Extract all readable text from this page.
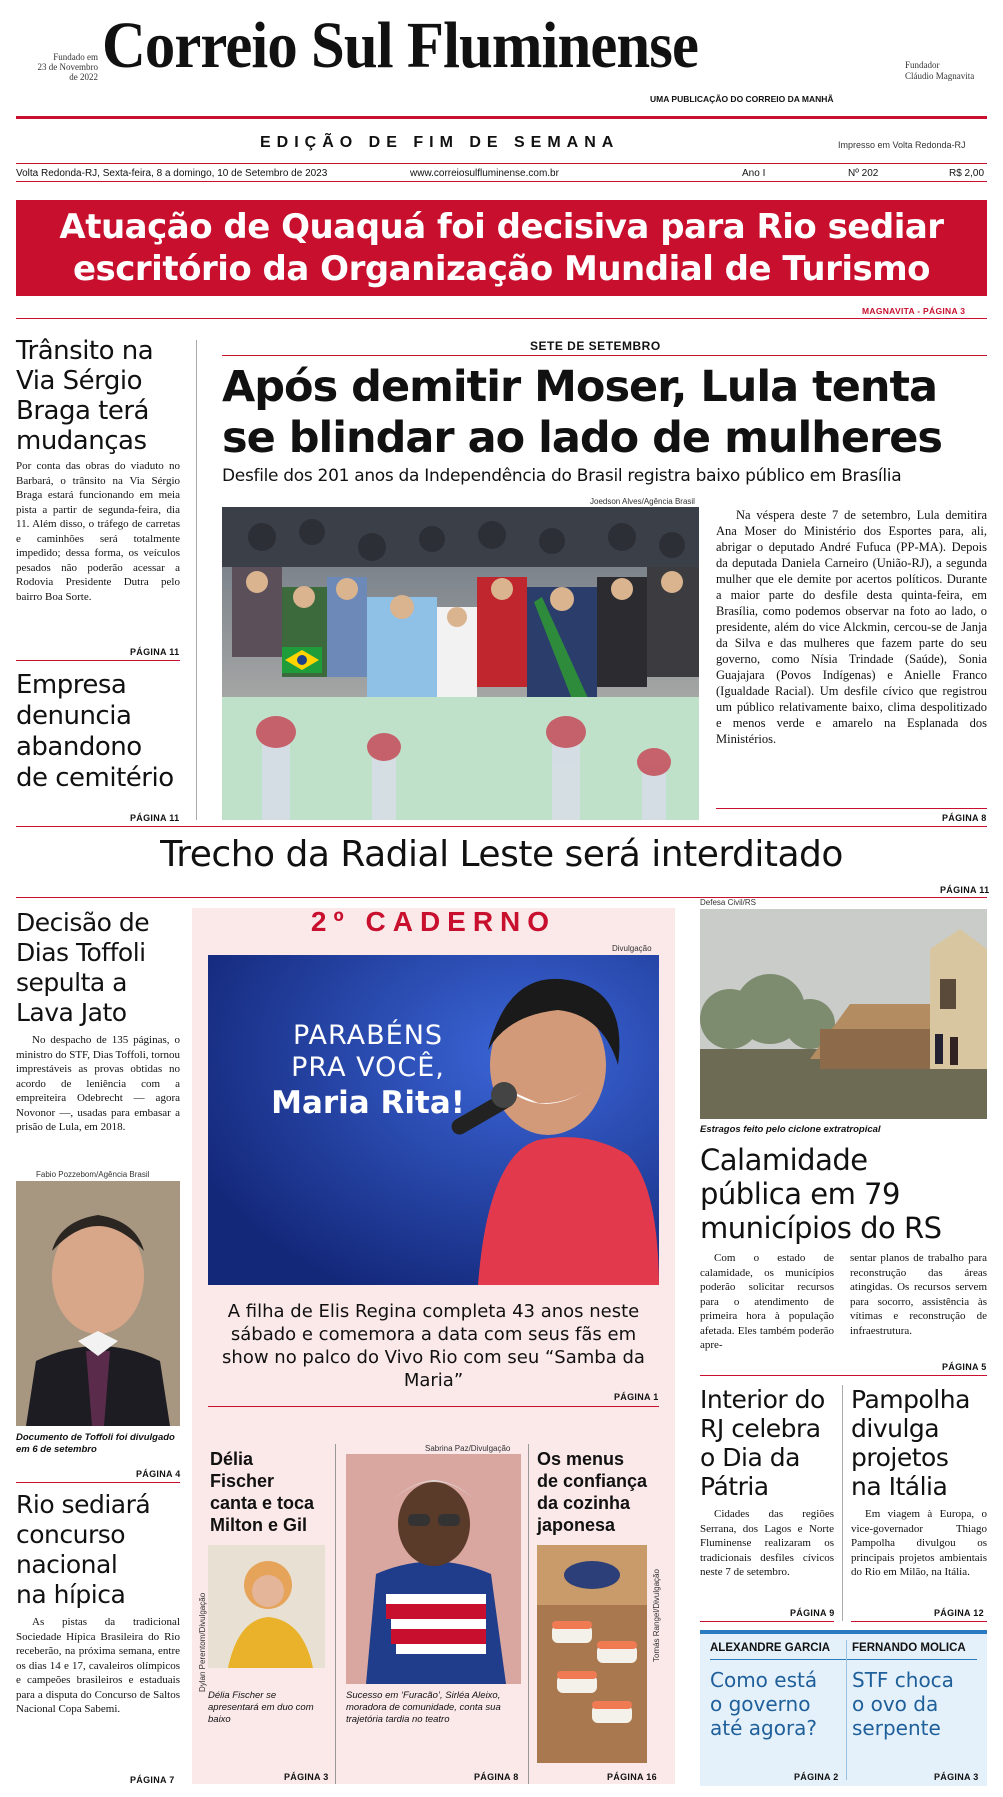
Fundado em
23 de Novembro
de 2022 Correio Sul Fluminense	Fundador
Cláudio Magnavita
UMA PUBLICAÇÃO DO CORREIO DA MANHÃ
EDIÇÃO DE FIM DE SEMANA	Impresso em Volta Redonda-RJ
Volta Redonda-RJ, Sexta-feira, 8 a domingo, 10 de Setembro de 2023	www.correiosulfluminense.com.br	Ano I	Nº 202	R$ 2,00
Atuação de Quaquá foi decisiva para Rio sediar
escritório da Organização Mundial de Turismo
MAGNAVITA - PÁGINA 3
Trânsito na
Via Sérgio
Braga terá
mudanças
Por conta das obras do viaduto no Barbará, o trânsito na Via Sérgio Braga estará funcionando em meia pista a partir de segunda-feira, dia 11. Além disso, o tráfego de carretas e caminhões será totalmente impedido; dessa forma, os veículos pesados não poderão acessar a Rodovia Presidente Dutra pelo bairro Boa Sorte.
PÁGINA 11
Empresa
denuncia
abandono
de cemitério
PÁGINA 11
SETE DE SETEMBRO
Após demitir Moser, Lula tenta
se blindar ao lado de mulheres
Desfile dos 201 anos da Independência do Brasil registra baixo público em Brasília
Joedson Alves/Agência Brasil
Na véspera deste 7 de setembro, Lula demitira Ana Moser do Ministério dos Esportes para, ali, abrigar o deputado André Fufuca (PP-MA). Depois da deputada Daniela Carneiro (União-RJ), a segunda mulher que ele demite por acertos políticos. Durante a maior parte do desfile desta quinta-feira, em Brasília, como podemos observar na foto ao lado, o presidente, além do vice Alckmin, cercou-se de Janja da Silva e das mulheres que fazem parte do seu governo, como Nísia Trindade (Saúde), Sonia Guajajara (Povos Indígenas) e Anielle Franco (Igualdade Racial). Um desfile cívico que registrou um público relativamente baixo, clima despolitizado e menos verde e amarelo na Esplanada dos Ministérios.
PÁGINA 8
Trecho da Radial Leste será interditado
PÁGINA 11
Decisão de
Dias Toffoli
sepulta a
Lava Jato
No despacho de 135 páginas, o ministro do STF, Dias Toffoli, tornou imprestáveis as provas obtidas no acordo de leniência com a empreiteira Odebrecht — agora Novonor —, usadas para embasar a prisão de Lula, em 2018.
Fabio Pozzebom/Agência Brasil
Documento de Toffoli foi divulgado em 6 de setembro
PÁGINA 4
Rio sediará
concurso
nacional
na hípica
As pistas da tradicional Sociedade Hípica Brasileira do Rio receberão, na próxima semana, entre os dias 14 e 17, cavaleiros olímpicos e campeões brasileiros e estaduais para a disputa do Concurso de Saltos Nacional Copa Sabemi.
PÁGINA 7
2º CADERNO
Divulgação
PARABÉNS
PRA VOCÊ,
Maria Rita!
A filha de Elis Regina completa 43 anos neste sábado e comemora a data com seus fãs em show no palco do Vivo Rio com seu “Samba da Maria”
PÁGINA 1
Délia
Fischer
canta e toca
Milton e Gil
Dylan Perentom/Divulgação
Délia Fischer se apresentará em duo com baixo
PÁGINA 3
Sabrina Paz/Divulgação
Sucesso em ‘Furacão’, Sirléa Aleixo, moradora de comunidade, conta sua trajetória tardia no teatro
PÁGINA 8
Os menus
de confiança
da cozinha
japonesa
Tomás Rangel/Divulgação
PÁGINA 16
Defesa Civil/RS
Estragos feito pelo ciclone extratropical
Calamidade
pública em 79
municípios do RS
Com o estado de calamidade, os municípios poderão solicitar recursos para o atendimento de primeira hora à população afetada. Eles também poderão apre-
sentar planos de trabalho para reconstrução das áreas atingidas. Os recursos servem para socorro, assistência às vítimas e reconstrução de infraestrutura.
PÁGINA 5
Interior do
RJ celebra
o Dia da
Pátria
Cidades das regiões Serrana, dos Lagos e Norte Fluminense realizaram os tradicionais desfiles cívicos neste 7 de setembro.
PÁGINA 9
Pampolha
divulga
projetos
na Itália
Em viagem à Europa, o vice-governador Thiago Pampolha divulgou os principais projetos ambientais do Rio em Milão, na Itália.
PÁGINA 12
ALEXANDRE GARCIA FERNANDO MOLICA
Como está
o governo
até agora?
STF choca
o ovo da
serpente
PÁGINA 2	PÁGINA 3
